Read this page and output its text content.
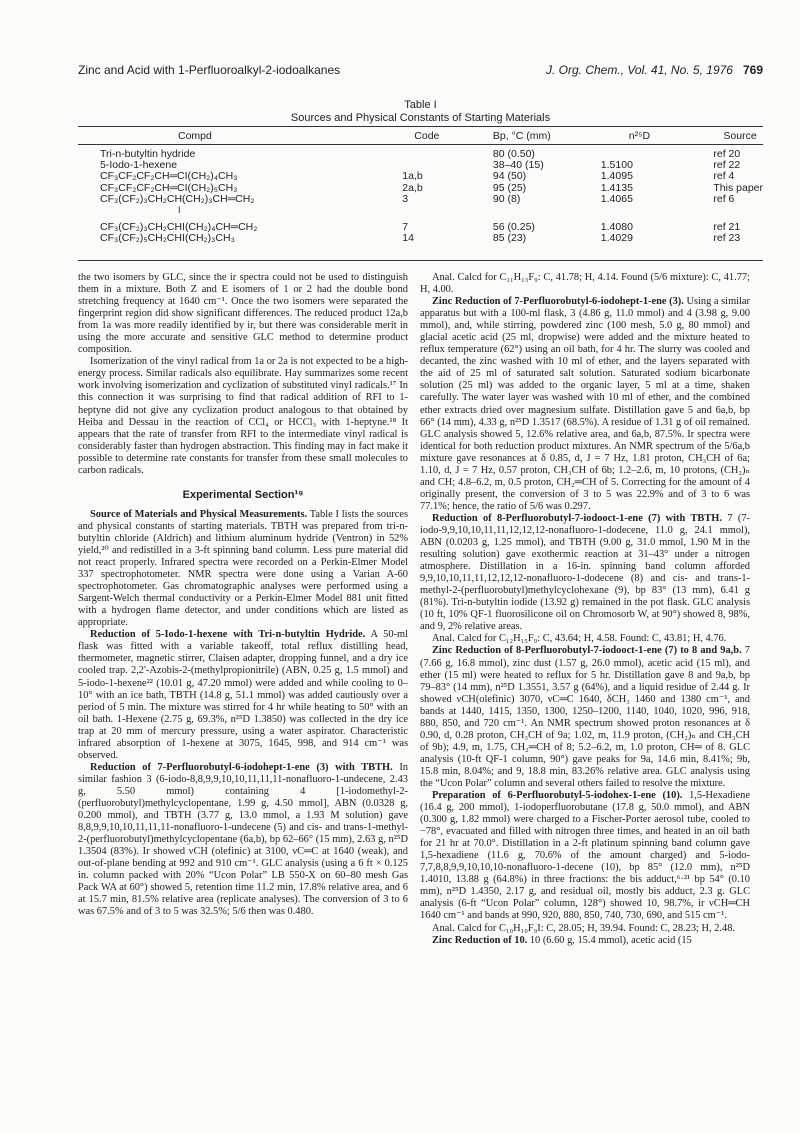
Zinc and Acid with 1-Perfluoroalkyl-2-iodoalkanes	J. Org. Chem., Vol. 41, No. 5, 1976 769
Table I
Sources and Physical Constants of Starting Materials
Compd	Code	Bp, °C (mm)	n²⁵D	Source

Tri-n-butyltin hydride		80 (0.50)		ref 20
5-Iodo-1-hexene		38–40 (15)	1.5100	ref 22
CF₃CF₂CF₂CH═CI(CH₂)₄CH₃	1a,b	94 (50)	1.4095	ref 4
CF₃CF₂CF₂CH═CI(CH₂)₅CH₃	2a,b	95 (25)	1.4135	This paper
CF₃(CF₂)₃CH₂CH(CH₂)₃CH═CH₂	3	90 (8)	1.4065	ref 6
I				

CF₃(CF₂)₃CH₂CHI(CH₂)₄CH═CH₂	7	56 (0.25)	1.4080	ref 21
CF₃(CF₂)₅CH₂CHI(CH₂)₃CH₃	14	85 (23)	1.4029	ref 23

the two isomers by GLC, since the ir spectra could not be used to distinguish them in a mixture. Both Z and E isomers of 1 or 2 had the double bond stretching frequency at 1640 cm⁻¹. Once the two isomers were separated the fingerprint region did show significant differences. The reduced product 12a,b from 1a was more readily identified by ir, but there was considerable merit in using the more accurate and sensitive GLC method to determine product composition.

Isomerization of the vinyl radical from 1a or 2a is not expected to be a high-energy process. Similar radicals also equilibrate. Hay summarizes some recent work involving isomerization and cyclization of substituted vinyl radicals.¹⁷ In this connection it was surprising to find that radical addition of RFI to 1-heptyne did not give any cyclization product analogous to that obtained by Heiba and Dessau in the reaction of CCl₄ or HCCl₃ with 1-heptyne.¹⁸ It appears that the rate of transfer from RFI to the intermediate vinyl radical is considerably faster than hydrogen abstraction. This finding may in fact make it possible to determine rate constants for transfer from these small molecules to carbon radicals.

Experimental Section¹⁹

Source of Materials and Physical Measurements. Table I lists the sources and physical constants of starting materials. TBTH was prepared from tri-n-butyltin chloride (Aldrich) and lithium aluminum hydride (Ventron) in 52% yield,²⁰ and redistilled in a 3-ft spinning band column. Less pure material did not react properly. Infrared spectra were recorded on a Perkin-Elmer Model 337 spectrophotometer. NMR spectra were done using a Varian A-60 spectrophotometer. Gas chromatographic analyses were performed using a Sargent-Welch thermal conductivity or a Perkin-Elmer Model 881 unit fitted with a hydrogen flame detector, and under conditions which are listed as appropriate.

Reduction of 5-Iodo-1-hexene with Tri-n-butyltin Hydride. A 50-ml flask was fitted with a variable takeoff, total reflux distilling head, thermometer, magnetic stirrer, Claisen adapter, dropping funnel, and a dry ice cooled trap. 2,2'-Azobis-2-(methylpropionitrile) (ABN, 0.25 g, 1.5 mmol) and 5-iodo-1-hexene²² (10.01 g, 47.20 mmol) were added and while cooling to 0–10° with an ice bath, TBTH (14.8 g, 51.1 mmol) was added cautiously over a period of 5 min. The mixture was stirred for 4 hr while heating to 50° with an oil bath. 1-Hexene (2.75 g, 69.3%, n²⁵D 1.3850) was collected in the dry ice trap at 20 mm of mercury pressure, using a water aspirator. Characteristic infrared absorption of 1-hexene at 3075, 1645, 998, and 914 cm⁻¹ was observed.

Reduction of 7-Perfluorobutyl-6-iodohept-1-ene (3) with TBTH. In similar fashion 3 (6-iodo-8,8,9,9,10,10,11,11,11-nonafluoro-1-undecene, 2.43 g, 5.50 mmol) containing 4 [1-iodomethyl-2-(perfluorobutyl)methylcyclopentane, 1.99 g, 4.50 mmol], ABN (0.0328 g, 0.200 mmol), and TBTH (3.77 g, 13.0 mmol, a 1.93 M solution) gave 8,8,9,9,10,10,11,11,11-nonafluoro-1-undecene (5) and cis- and trans-1-methyl-2-(perfluorobutyl)methylcyclopentane (6a,b), bp 62–66° (15 mm), 2.63 g, n²⁵D 1.3504 (83%). Ir showed νCH (olefinic) at 3100, νC═C at 1640 (weak), and out-of-plane bending at 992 and 910 cm⁻¹. GLC analysis (using a 6 ft × 0.125 in. column packed with 20% “Ucon Polar” LB 550-X on 60–80 mesh Gas Pack WA at 60°) showed 5, retention time 11.2 min, 17.8% relative area, and 6 at 15.7 min, 81.5% relative area (replicate analyses). The conversion of 3 to 6 was 67.5% and of 3 to 5 was 32.5%; 5/6 then was 0.480.

Anal. Calcd for C₁₁H₁₃F₉: C, 41.78; H, 4.14. Found (5/6 mixture): C, 41.77; H, 4.00.

Zinc Reduction of 7-Perfluorobutyl-6-iodohept-1-ene (3). Using a similar apparatus but with a 100-ml flask, 3 (4.86 g, 11.0 mmol) and 4 (3.98 g, 9.00 mmol), and, while stirring, powdered zinc (100 mesh, 5.0 g, 80 mmol) and glacial acetic acid (25 ml, dropwise) were added and the mixture heated to reflux temperature (62°) using an oil bath, for 4 hr. The slurry was cooled and decanted, the zinc washed with 10 ml of ether, and the layers separated with the aid of 25 ml of saturated salt solution. Saturated sodium bicarbonate solution (25 ml) was added to the organic layer, 5 ml at a time, shaken carefully. The water layer was washed with 10 ml of ether, and the combined ether extracts dried over magnesium sulfate. Distillation gave 5 and 6a,b, bp 66° (14 mm), 4.33 g, n²⁵D 1.3517 (68.5%). A residue of 1.31 g of oil remained. GLC analysis showed 5, 12.6% relative area, and 6a,b, 87.5%. Ir spectra were identical for both reduction product mixtures. An NMR spectrum of the 5/6a,b mixture gave resonances at δ 0.85, d, J = 7 Hz, 1.81 proton, CH₃CH of 6a; 1.10, d, J = 7 Hz, 0.57 proton, CH₃CH of 6b; 1.2–2.6, m, 10 protons, (CH₂)ₙ and CH; 4.8–6.2, m, 0.5 proton, CH₂═CH of 5. Correcting for the amount of 4 originally present, the conversion of 3 to 5 was 22.9% and of 3 to 6 was 77.1%; hence, the ratio of 5/6 was 0.297.

Reduction of 8-Perfluorobutyl-7-iodooct-1-ene (7) with TBTH. 7 (7-iodo-9,9,10,10,11,11,12,12,12-nonafluoro-1-dodecene, 11.0 g, 24.1 mmol), ABN (0.0203 g, 1.25 mmol), and TBTH (9.00 g, 31.0 mmol, 1.90 M in the resulting solution) gave exothermic reaction at 31–43° under a nitrogen atmosphere. Distillation in a 16-in. spinning band column afforded 9,9,10,10,11,11,12,12,12-nonafluoro-1-dodecene (8) and cis- and trans-1-methyl-2-(perfluorobutyl)methylcyclohexane (9), bp 83° (13 mm), 6.41 g (81%). Tri-n-butyltin iodide (13.92 g) remained in the pot flask. GLC analysis (10 ft, 10% QF-1 fluorosilicone oil on Chromosorb W, at 90°) showed 8, 98%, and 9, 2% relative areas.

Anal. Calcd for C₁₂H₁₅F₉: C, 43.64; H, 4.58. Found: C, 43.81; H, 4.76.

Zinc Reduction of 8-Perfluorobutyl-7-iodooct-1-ene (7) to 8 and 9a,b. 7 (7.66 g, 16.8 mmol), zinc dust (1.57 g, 26.0 mmol), acetic acid (15 ml), and ether (15 ml) were heated to reflux for 5 hr. Distillation gave 8 and 9a,b, bp 79–83° (14 mm), n²⁵D 1.3551, 3.57 g (64%), and a liquid residue of 2.44 g. Ir showed νCH(olefinic) 3070, νC═C 1640, δCH₃ 1460 and 1380 cm⁻¹, and bands at 1440, 1415, 1350, 1300, 1250–1200, 1140, 1040, 1020, 996, 918, 880, 850, and 720 cm⁻¹. An NMR spectrum showed proton resonances at δ 0.90, d, 0.28 proton, CH₃CH of 9a; 1.02, m, 11.9 proton, (CH₂)ₙ and CH₃CH of 9b); 4.9, m, 1.75, CH₂═CH of 8; 5.2–6.2, m, 1.0 proton, CH═ of 8. GLC analysis (10-ft QF-1 column, 90°) gave peaks for 9a, 14.6 min, 8.41%; 9b, 15.8 min, 8.04%; and 9, 18.8 min, 83.26% relative area. GLC analysis using the “Ucon Polar” column and several others failed to resolve the mixture.

Preparation of 6-Perfluorobutyl-5-iodohex-1-ene (10). 1,5-Hexadiene (16.4 g, 200 mmol), 1-iodoperfluorobutane (17.8 g, 50.0 mmol), and ABN (0.300 g, 1.82 mmol) were charged to a Fischer-Porter aerosol tube, cooled to −78°, evacuated and filled with nitrogen three times, and heated in an oil bath for 21 hr at 70.0°. Distillation in a 2-ft platinum spinning band column gave 1,5-hexadiene (11.6 g, 70.6% of the amount charged) and 5-iodo-7,7,8,8,9,9,10,10,10-nonafluoro-1-decene (10), bp 85° (12.0 mm), n²⁵D 1.4010, 13.88 g (64.8%) in three fractions: the bis adduct,⁶·²¹ bp 54° (0.10 mm), n²⁵D 1.4350, 2.17 g, and residual oil, mostly bis adduct, 2.3 g. GLC analysis (6-ft “Ucon Polar” column, 128°) showed 10, 98.7%, ir νCH═CH 1640 cm⁻¹ and bands at 990, 920, 880, 850, 740, 730, 690, and 515 cm⁻¹.

Anal. Calcd for C₁₀H₁₀F₉I: C, 28.05; H, 39.94. Found: C, 28.23; H, 2.48.

Zinc Reduction of 10. 10 (6.60 g, 15.4 mmol), acetic acid (15
